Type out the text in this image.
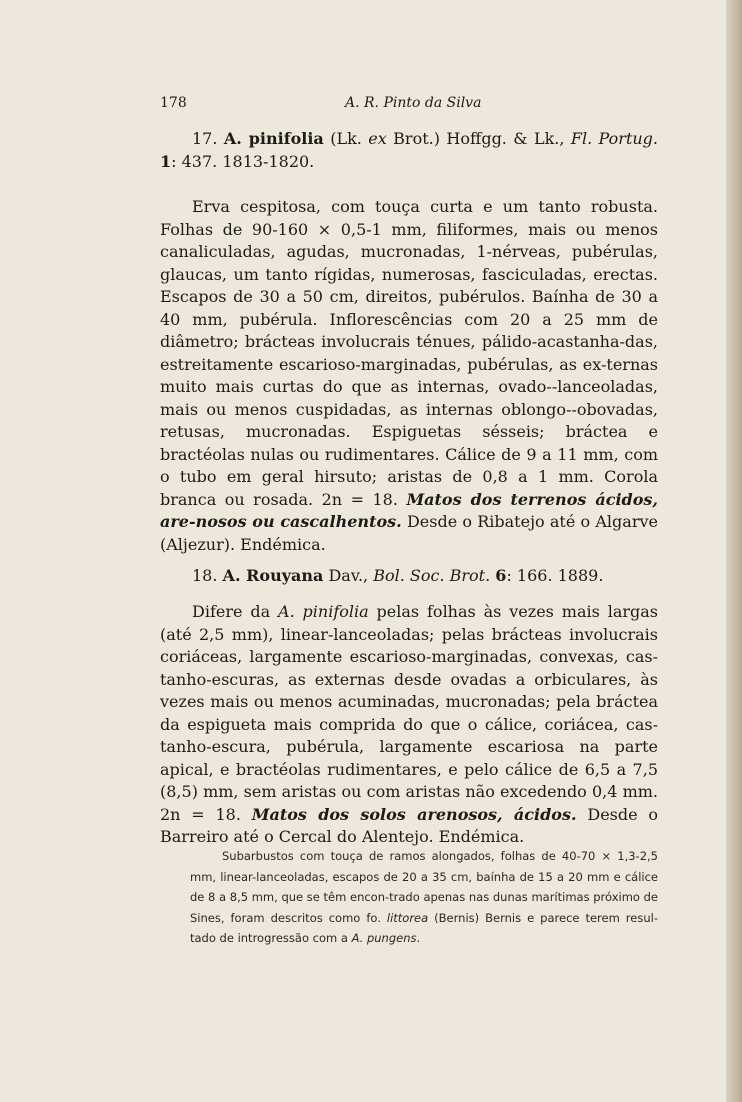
178	A. R. Pinto da Silva

17. A. pinifolia (Lk. ex Brot.) Hoffgg. & Lk., Fl. Portug. 1: 437. 1813-1820.

Erva cespitosa, com touça curta e um tanto robusta. Folhas de 90-160 × 0,5-1 mm, filiformes, mais ou menos canaliculadas, agudas, mucronadas, 1-nérveas, pubérulas, glaucas, um tanto rígidas, numerosas, fasciculadas, erectas. Escapos de 30 a 50 cm, direitos, pubérulos. Baínha de 30 a 40 mm, pubérula. Inflorescências com 20 a 25 mm de diâmetro; brácteas involucrais ténues, pálido-acastanha-das, estreitamente escarioso-marginadas, pubérulas, as ex-ternas muito mais curtas do que as internas, ovado--lanceoladas, mais ou menos cuspidadas, as internas oblongo--obovadas, retusas, mucronadas. Espiguetas sésseis; bráctea e bractéolas nulas ou rudimentares. Cálice de 9 a 11 mm, com o tubo em geral hirsuto; aristas de 0,8 a 1 mm. Corola branca ou rosada. 2n = 18. Matos dos terrenos ácidos, are-nosos ou cascalhentos. Desde o Ribatejo até o Algarve (Aljezur). Endémica.

18. A. Rouyana Dav., Bol. Soc. Brot. 6: 166. 1889.

Difere da A. pinifolia pelas folhas às vezes mais largas (até 2,5 mm), linear-lanceoladas; pelas brácteas involucrais coriáceas, largamente escarioso-marginadas, convexas, cas-tanho-escuras, as externas desde ovadas a orbiculares, às vezes mais ou menos acuminadas, mucronadas; pela bráctea da espigueta mais comprida do que o cálice, coriácea, cas-tanho-escura, pubérula, largamente escariosa na parte apical, e bractéolas rudimentares, e pelo cálice de 6,5 a 7,5 (8,5) mm, sem aristas ou com aristas não excedendo 0,4 mm. 2n = 18. Matos dos solos arenosos, ácidos. Desde o Barreiro até o Cercal do Alentejo. Endémica.

Subarbustos com touça de ramos alongados, folhas de 40-70 × 1,3-2,5 mm, linear-lanceoladas, escapos de 20 a 35 cm, baínha de 15 a 20 mm e cálice de 8 a 8,5 mm, que se têm encon-trado apenas nas dunas marítimas próximo de Sines, foram descritos como fo. littorea (Bernis) Bernis e parece terem resul-tado de introgressão com a A. pungens.
